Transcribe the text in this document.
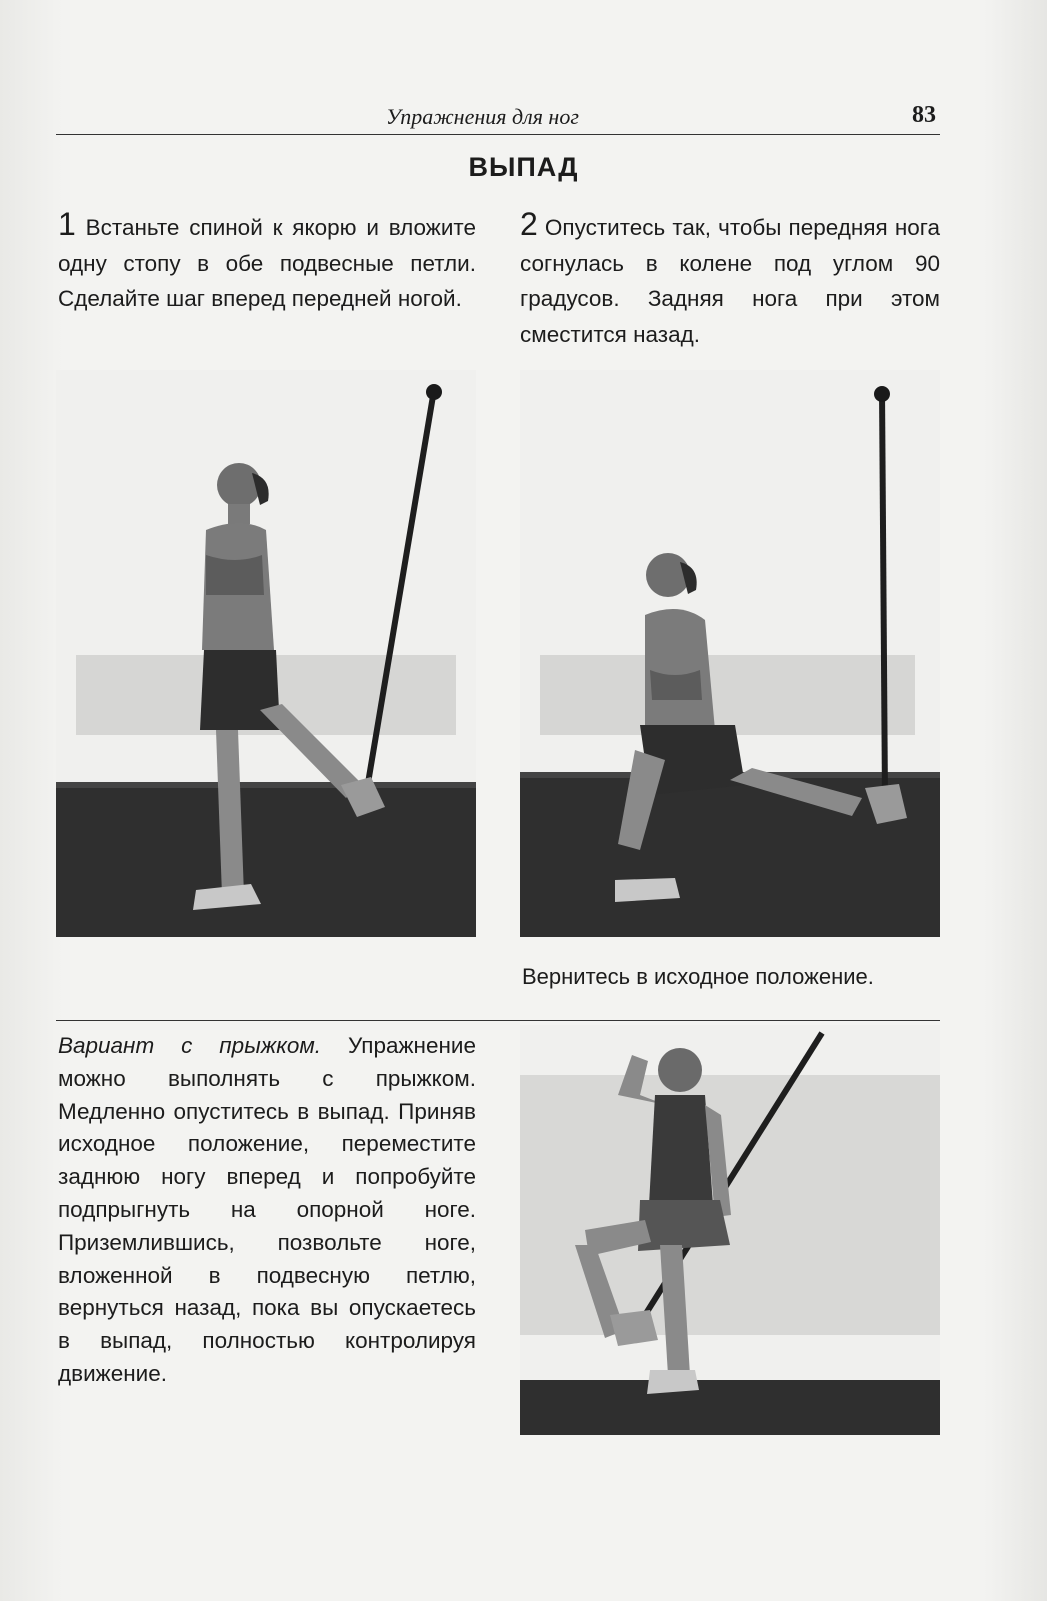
Упражнения для ног	83
ВЫПАД
1 Встаньте спиной к якорю и вложите одну стопу в обе подвесные петли. Сделайте шаг вперед передней ногой.
2 Опуститесь так, чтобы передняя нога согнулась в колене под углом 90 градусов. Задняя нога при этом сместится назад.
Вернитесь в исходное положение.
Вариант с прыжком. Упражнение можно выполнять с прыжком. Медленно опуститесь в выпад. Приняв исходное положение, переместите заднюю ногу вперед и попробуйте подпрыгнуть на опорной ноге. Приземлившись, позвольте ноге, вложенной в подвесную петлю, вернуться назад, пока вы опускаетесь в выпад, полностью контролируя движение.
